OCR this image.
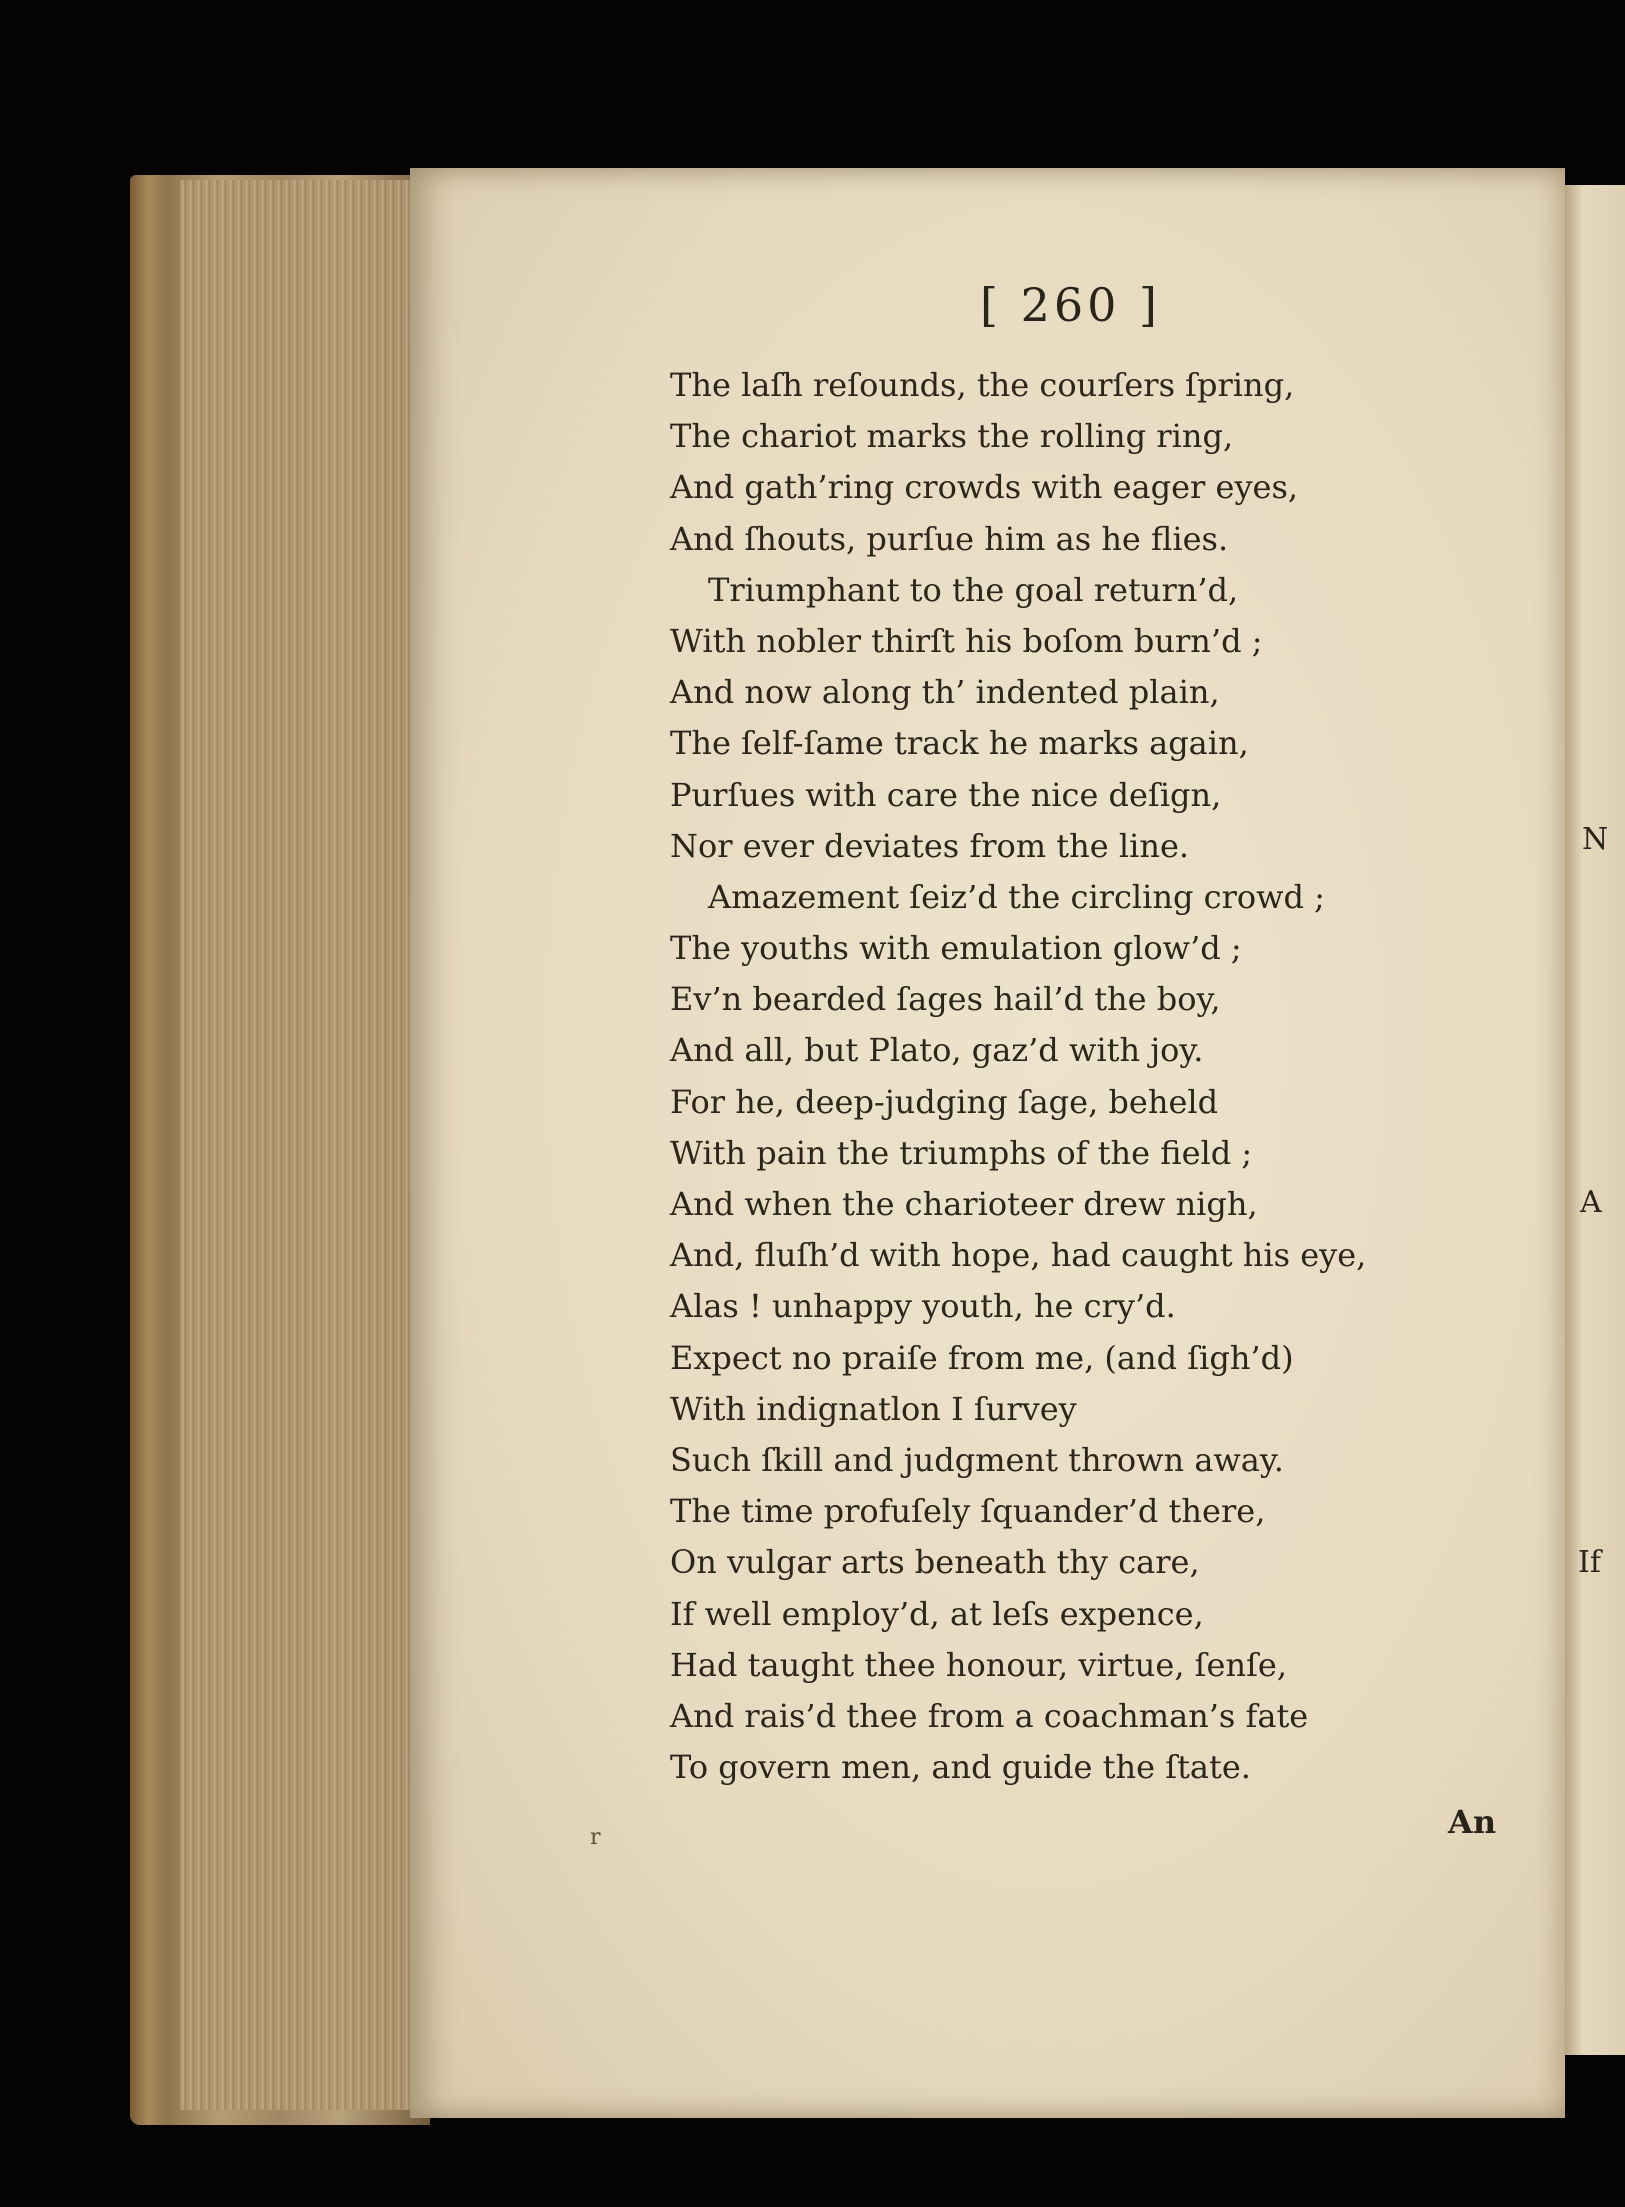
N
A
If
[ 260 ]
The laſh reſounds, the courſers ſpring,
The chariot marks the rolling ring,
And gath’ring crowds with eager eyes,
And ſhouts, purſue him as he flies.
Triumphant to the goal return’d,
With nobler thirſt his boſom burn’d ;
And now along th’ indented plain,
The ſelf-ſame track he marks again,
Purſues with care the nice deſign,
Nor ever deviates from the line.
Amazement ſeiz’d the circling crowd ;
The youths with emulation glow’d ;
Ev’n bearded ſages hail’d the boy,
And all, but Plato, gaz’d with joy.
For he, deep-judging ſage, beheld
With pain the triumphs of the field ;
And when the charioteer drew nigh,
And, fluſh’d with hope, had caught his eye,
Alas ! unhappy youth, he cry’d.
Expect no praiſe from me, (and ſigh’d)
With indignatlon I ſurvey
Such ſkill and judgment thrown away.
The time profuſely ſquander’d there,
On vulgar arts beneath thy care,
If well employ’d, at leſs expence,
Had taught thee honour, virtue, ſenſe,
And rais’d thee from a coachman’s fate
To govern men, and guide the ſtate.
An
r
